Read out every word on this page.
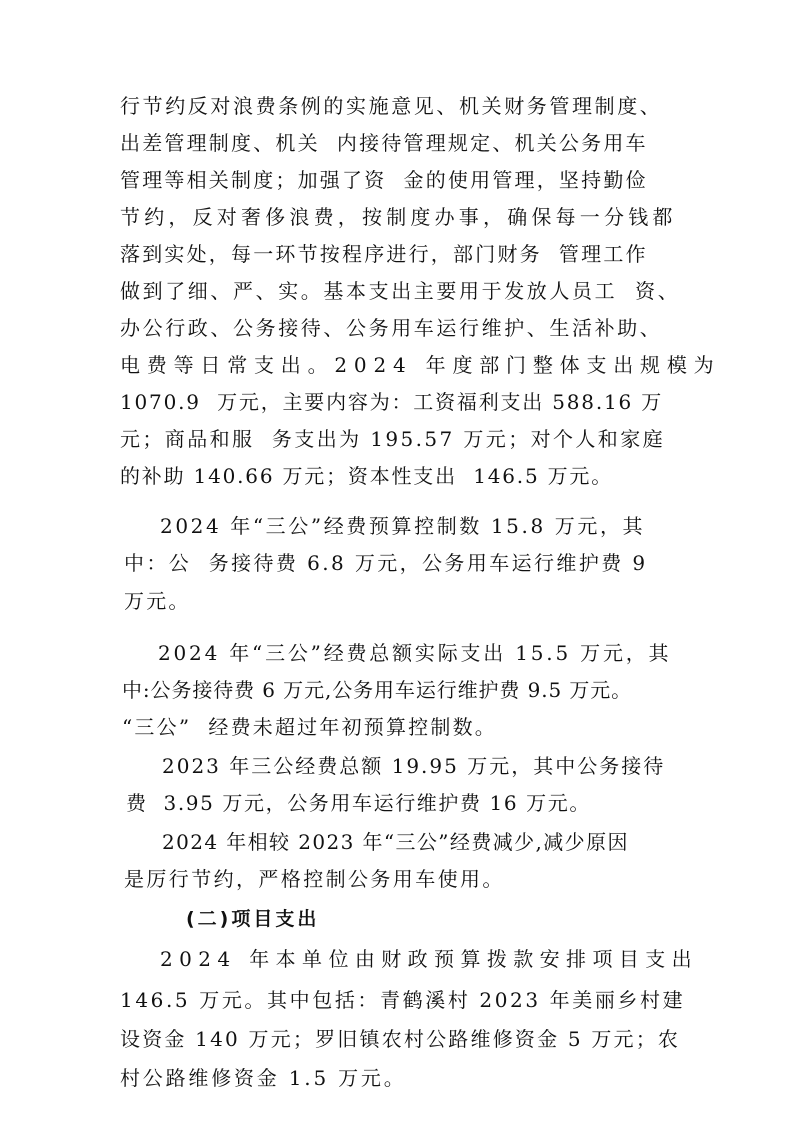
行节约反对浪费条例的实施意见、机关财务管理制度、
出差管理制度、机关  内接待管理规定、机关公务用车
管理等相关制度；加强了资  金的使用管理，坚持勤俭
节约，反对奢侈浪费，按制度办事，确保每一分钱都
落到实处，每一环节按程序进行，部门财务  管理工作
做到了细、严、实。基本支出主要用于发放人员工  资、
办公行政、公务接待、公务用车运行维护、生活补助、
电费等日常支出。2024 年度部门整体支出规模为
1070.9  万元，主要内容为：工资福利支出 588.16 万
元；商品和服  务支出为 195.57 万元；对个人和家庭
的补助 140.66 万元；资本性支出  146.5 万元。
2024 年“三公”经费预算控制数 15.8 万元，其
中：公  务接待费 6.8 万元，公务用车运行维护费 9
万元。
2024 年“三公”经费总额实际支出 15.5 万元，其
中:公务接待费 6 万元,公务用车运行维护费 9.5 万元。
“三公”  经费未超过年初预算控制数。
2023 年三公经费总额 19.95 万元，其中公务接待
费  3.95 万元，公务用车运行维护费 16 万元。
2024 年相较 2023 年“三公”经费减少,减少原因
是厉行节约，严格控制公务用车使用。
(二)项目支出
2024 年本单位由财政预算拨款安排项目支出
146.5 万元。其中包括：青鹤溪村 2023 年美丽乡村建
设资金 140 万元；罗旧镇农村公路维修资金 5 万元；农
村公路维修资金 1.5 万元。
